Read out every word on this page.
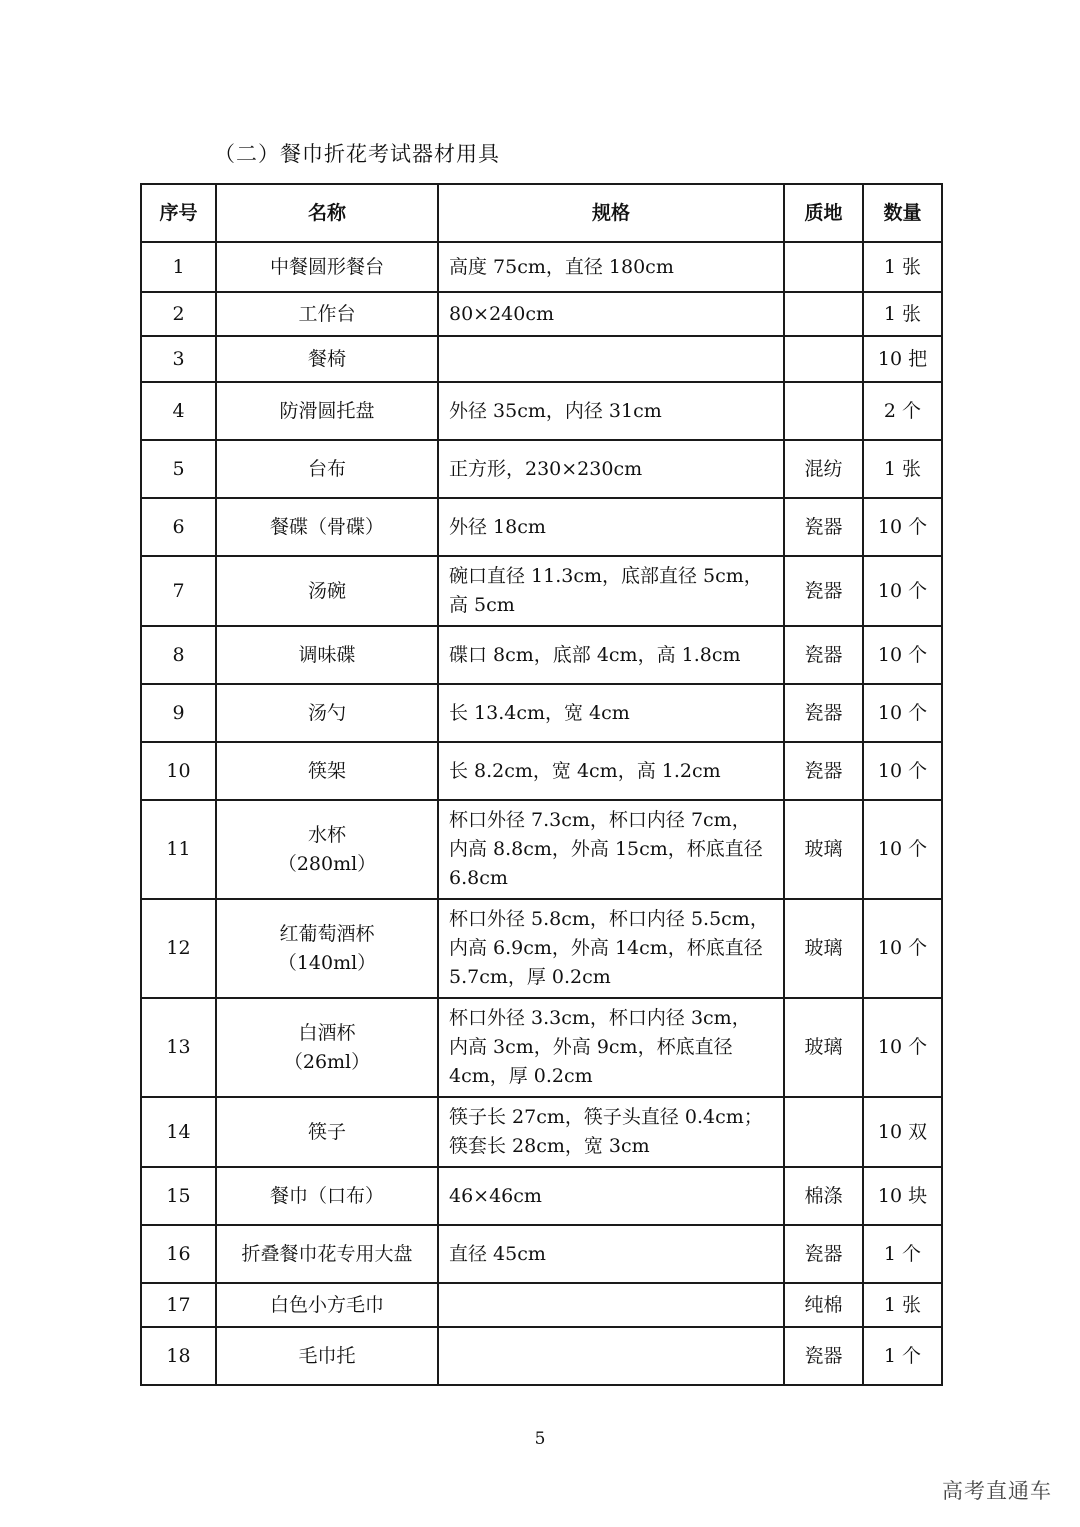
（二）餐巾折花考试器材用具
序号	名称	规格	质地	数量
1	中餐圆形餐台	高度 75cm，直径 180cm		1 张
2	工作台	80×240cm		1 张
3	餐椅			10 把
4	防滑圆托盘	外径 35cm，内径 31cm		2 个
5	台布	正方形，230×230cm	混纺	1 张
6	餐碟（骨碟）	外径 18cm	瓷器	10 个
7	汤碗	碗口直径 11.3cm，底部直径 5cm，
高 5cm	瓷器	10 个
8	调味碟	碟口 8cm，底部 4cm，高 1.8cm	瓷器	10 个
9	汤勺	长 13.4cm，宽 4cm	瓷器	10 个
10	筷架	长 8.2cm，宽 4cm，高 1.2cm	瓷器	10 个
11	水杯
（280ml）	杯口外径 7.3cm，杯口内径 7cm，
内高 8.8cm，外高 15cm，杯底直径
6.8cm	玻璃	10 个
12	红葡萄酒杯
（140ml）	杯口外径 5.8cm，杯口内径 5.5cm，
内高 6.9cm，外高 14cm，杯底直径
5.7cm，厚 0.2cm	玻璃	10 个
13	白酒杯
（26ml）	杯口外径 3.3cm，杯口内径 3cm，
内高 3cm，外高 9cm，杯底直径
4cm，厚 0.2cm	玻璃	10 个
14	筷子	筷子长 27cm，筷子头直径 0.4cm；
筷套长 28cm，宽 3cm		10 双
15	餐巾（口布）	46×46cm	棉涤	10 块
16	折叠餐巾花专用大盘	直径 45cm	瓷器	1 个
17	白色小方毛巾		纯棉	1 张
18	毛巾托		瓷器	1 个
5
高考直通车
